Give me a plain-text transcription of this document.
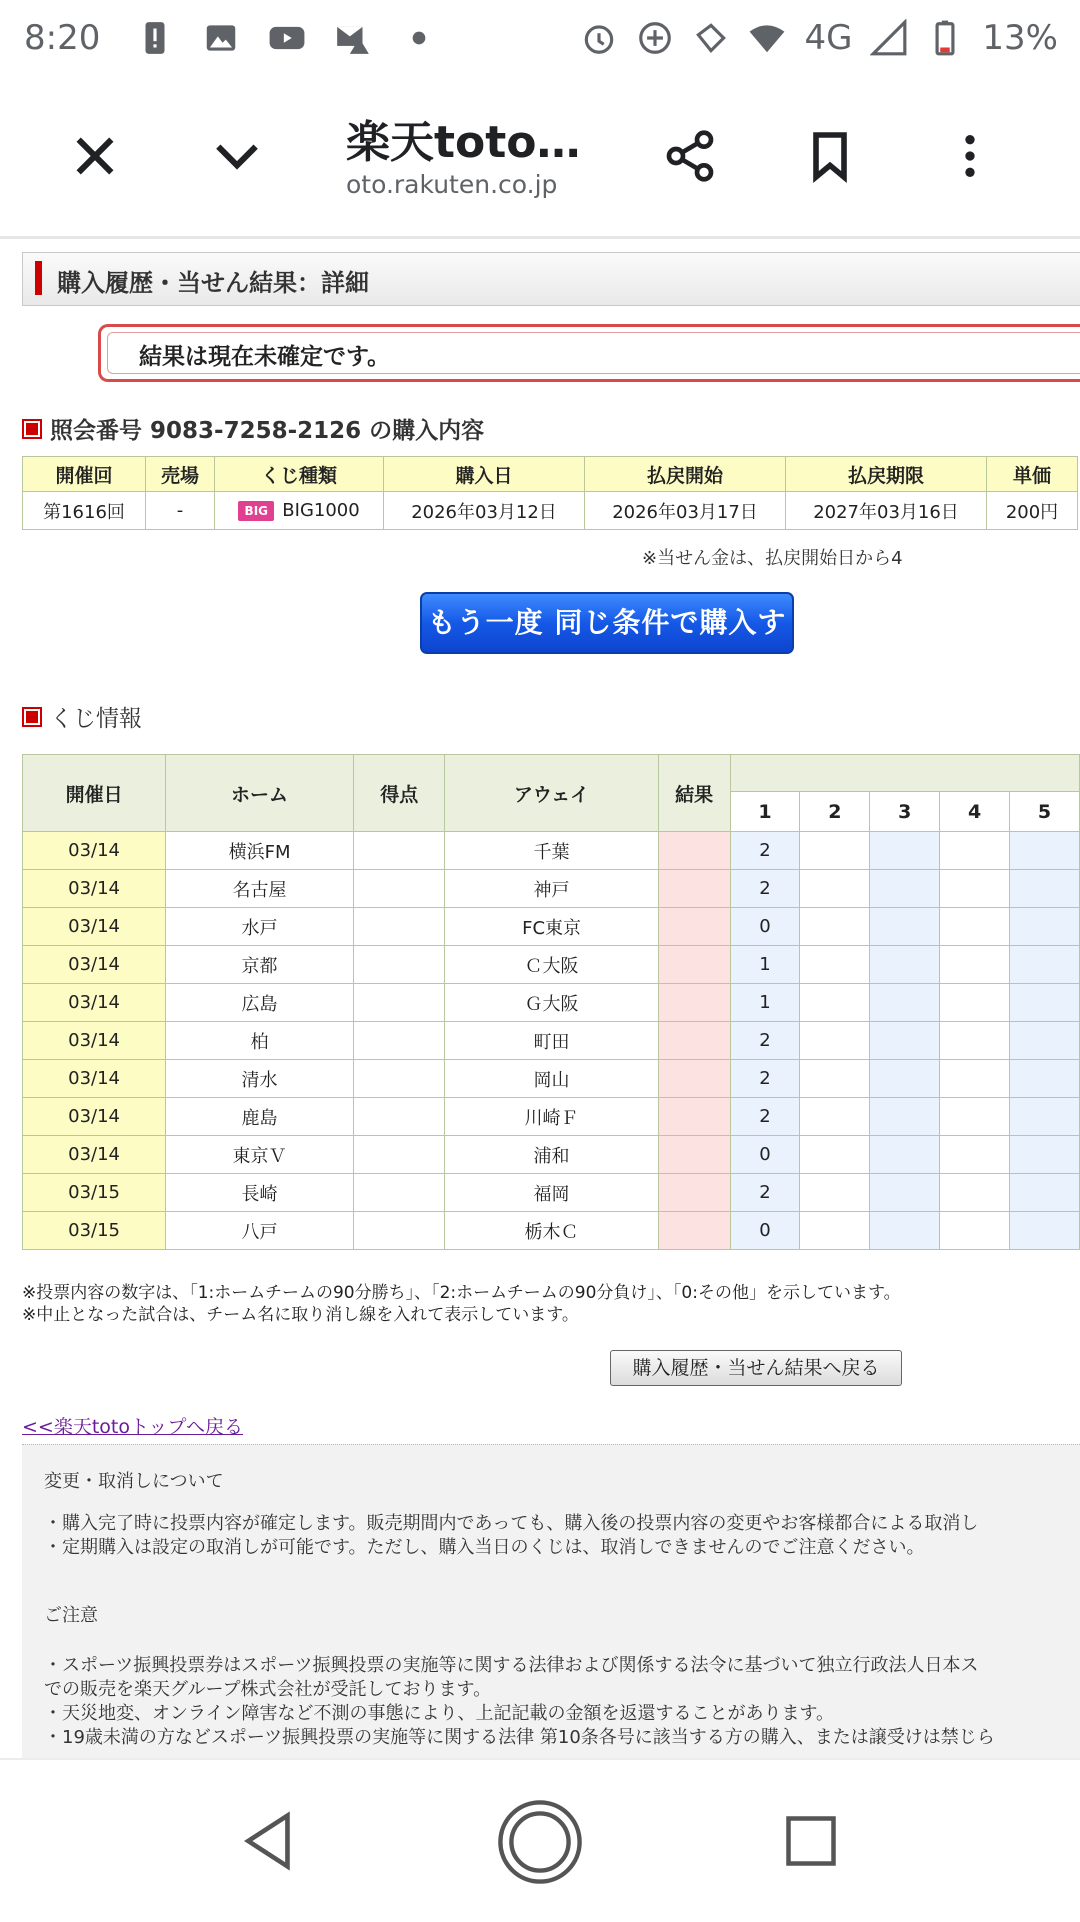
8:20	4G	13%
楽天toto…
oto.rakuten.co.jp
購入履歴・当せん結果：詳細
結果は現在未確定です。
照会番号 9083-7258-2126 の購入内容
開催回	売場	くじ種類	購入日	払戻開始	払戻期限	単価
第1616回	-	BIG BIG1000	2026年03月12日	2026年03月17日	2027年03月16日	200円
※当せん金は、払戻開始日から4
もう一度 同じ条件で購入する
くじ情報
開催日	ホーム	得点	アウェイ	結果					
					1	2	3	4	5
03/14	横浜FM		千葉		2				
03/14	名古屋		神戸		2				
03/14	水戸		FC東京		0				
03/14	京都		Ｃ大阪		1				
03/14	広島		Ｇ大阪		1				
03/14	柏		町田		2				
03/14	清水		岡山		2				
03/14	鹿島		川崎Ｆ		2				
03/14	東京Ｖ		浦和		0				
03/15	長崎		福岡		2				
03/15	八戸		栃木Ｃ		0				
※投票内容の数字は、「1:ホームチームの90分勝ち」、「2:ホームチームの90分負け」、「0:その他」を示しています。
※中止となった試合は、チーム名に取り消し線を入れて表示しています。
購入履歴・当せん結果へ戻る
<<楽天totoトップへ戻る
変更・取消しについて
・購入完了時に投票内容が確定します。販売期間内であっても、購入後の投票内容の変更やお客様都合による取消し
・定期購入は設定の取消しが可能です。ただし、購入当日のくじは、取消しできませんのでご注意ください。
ご注意
・スポーツ振興投票券はスポーツ振興投票の実施等に関する法律および関係する法令に基づいて独立行政法人日本ス
での販売を楽天グループ株式会社が受託しております。
・天災地変、オンライン障害など不測の事態により、上記記載の金額を返還することがあります。
・19歳未満の方などスポーツ振興投票の実施等に関する法律 第10条各号に該当する方の購入、または譲受けは禁じら
